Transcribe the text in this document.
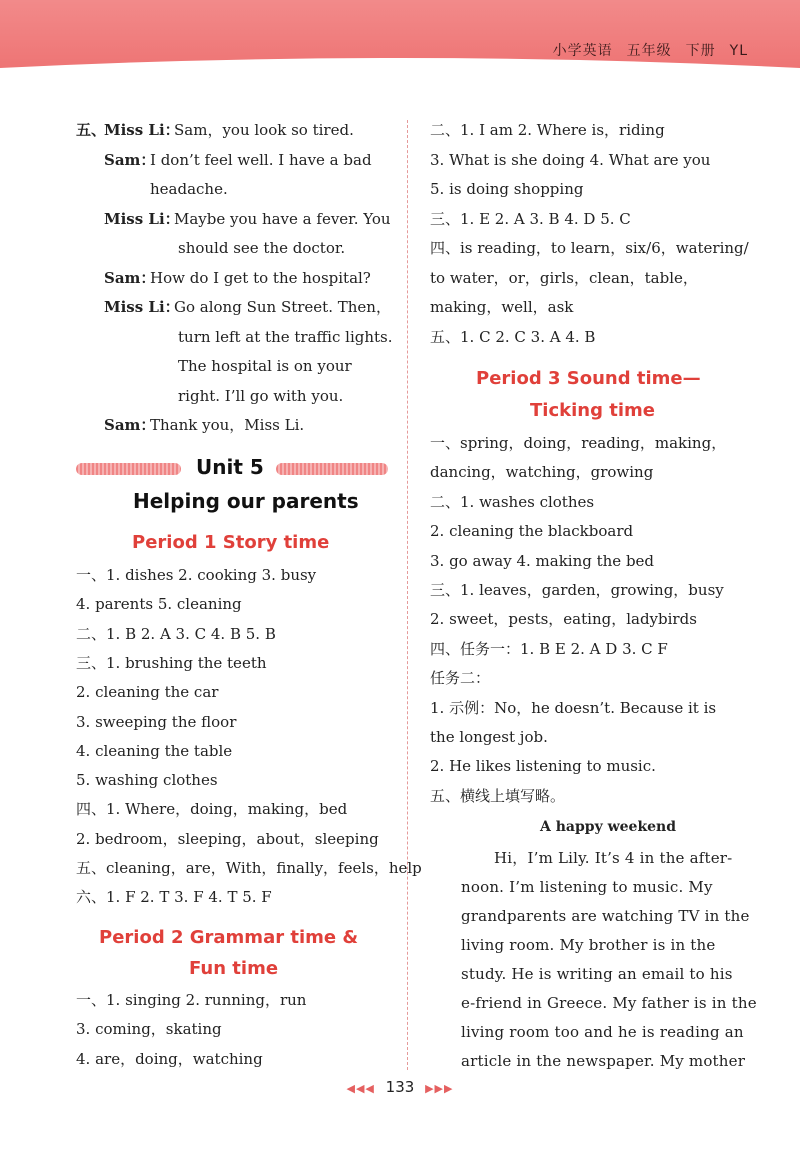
小学英语 五年级 下册 YL
Unit 5
Helping our parents
Period 1 Story time
Period 2 Grammar time &
Fun time
Period 3 Sound time—
Ticking time
A happy weekend
◀◀◀ 133 ▶▶▶
五、
Miss Li：
Sam，you look so tired.
Sam：
I don’t feel well. I have a bad
headache.
Miss Li：
Maybe you have a fever. You
should see the doctor.
Sam：
How do I get to the hospital?
Miss Li：
Go along Sun Street. Then，
turn left at the traffic lights.
The hospital is on your
right. I’ll go with you.
Sam：
Thank you，Miss Li.
一、1. dishes 2. cooking 3. busy
4. parents 5. cleaning
二、1. B 2. A 3. C 4. B 5. B
三、1. brushing the teeth
2. cleaning the car
3. sweeping the floor
4. cleaning the table
5. washing clothes
四、1. Where，doing，making，bed
2. bedroom，sleeping，about，sleeping
五、cleaning，are，With，finally，feels，help
六、1. F 2. T 3. F 4. T 5. F
一、1. singing 2. running，run
3. coming，skating
4. are，doing，watching
二、1. I am 2. Where is，riding
3. What is she doing 4. What are you
5. is doing shopping
三、1. E 2. A 3. B 4. D 5. C
四、is reading，to learn，six/6，watering/
to water，or，girls，clean，table，
making，well，ask
五、1. C 2. C 3. A 4. B
一、spring，doing，reading，making，
dancing，watching，growing
二、1. washes clothes
2. cleaning the blackboard
3. go away 4. making the bed
三、1. leaves，garden，growing，busy
2. sweet，pests，eating，ladybirds
四、任务一：1. B E 2. A D 3. C F
任务二：
1. 示例：No，he doesn’t. Because it is
the longest job.
2. He likes listening to music.
五、横线上填写略。
Hi，I’m Lily. It’s 4 in the after-
noon. I’m listening to music. My
grandparents are watching TV in the
living room. My brother is in the
study. He is writing an email to his
e-friend in Greece. My father is in the
living room too and he is reading an
article in the newspaper. My mother
